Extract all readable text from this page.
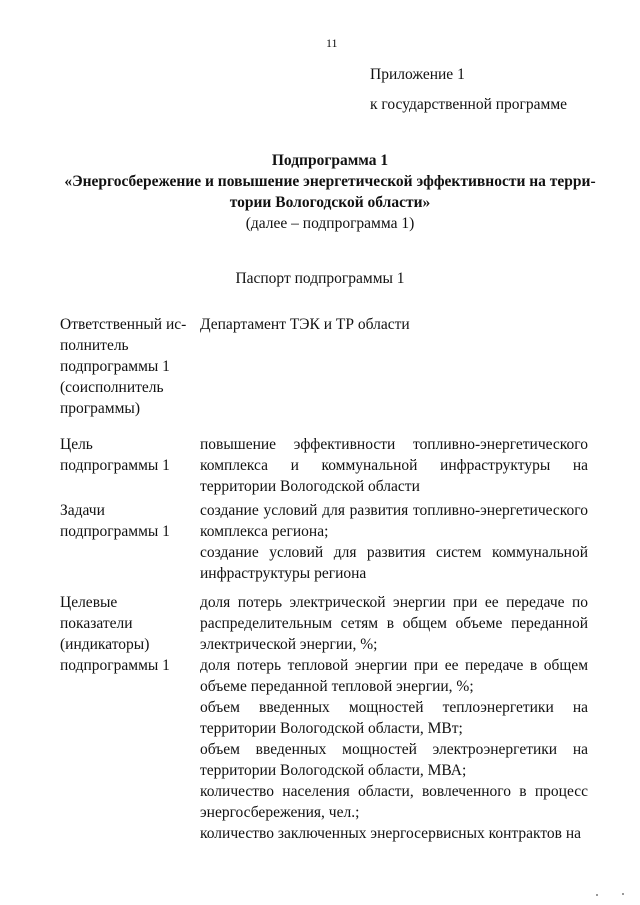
11
Приложение 1
к государственной программе
Подпрограмма 1
«Энергосбережение и повышение энергетической эффективности на терри-
тории Вологодской области»
(далее – подпрограмма 1)
Паспорт подпрограммы 1
Ответственный ис-
полнитель
подпрограммы 1
(соисполнитель
программы)

Департамент ТЭК и ТР области

Цель
подпрограммы 1

повышение эффективности топливно-энергетического комплекса и коммунальной инфраструктуры на территории Вологодской области

Задачи
подпрограммы 1

создание условий для развития топливно-энергетического комплекса региона;

создание условий для развития систем коммунальной инфраструктуры региона

Целевые
показатели
(индикаторы)
подпрограммы 1

доля потерь электрической энергии при ее передаче по распределительным сетям в общем объеме переданной электрической энергии, %;

доля потерь тепловой энергии при ее передаче в общем объеме переданной тепловой энергии, %;

объем введенных мощностей теплоэнергетики на территории Вологодской области, МВт;

объем введенных мощностей электроэнергетики на территории Вологодской области, МВА;

количество населения области, вовлеченного в процесс энергосбережения, чел.;

количество заключенных энергосервисных контрактов на
